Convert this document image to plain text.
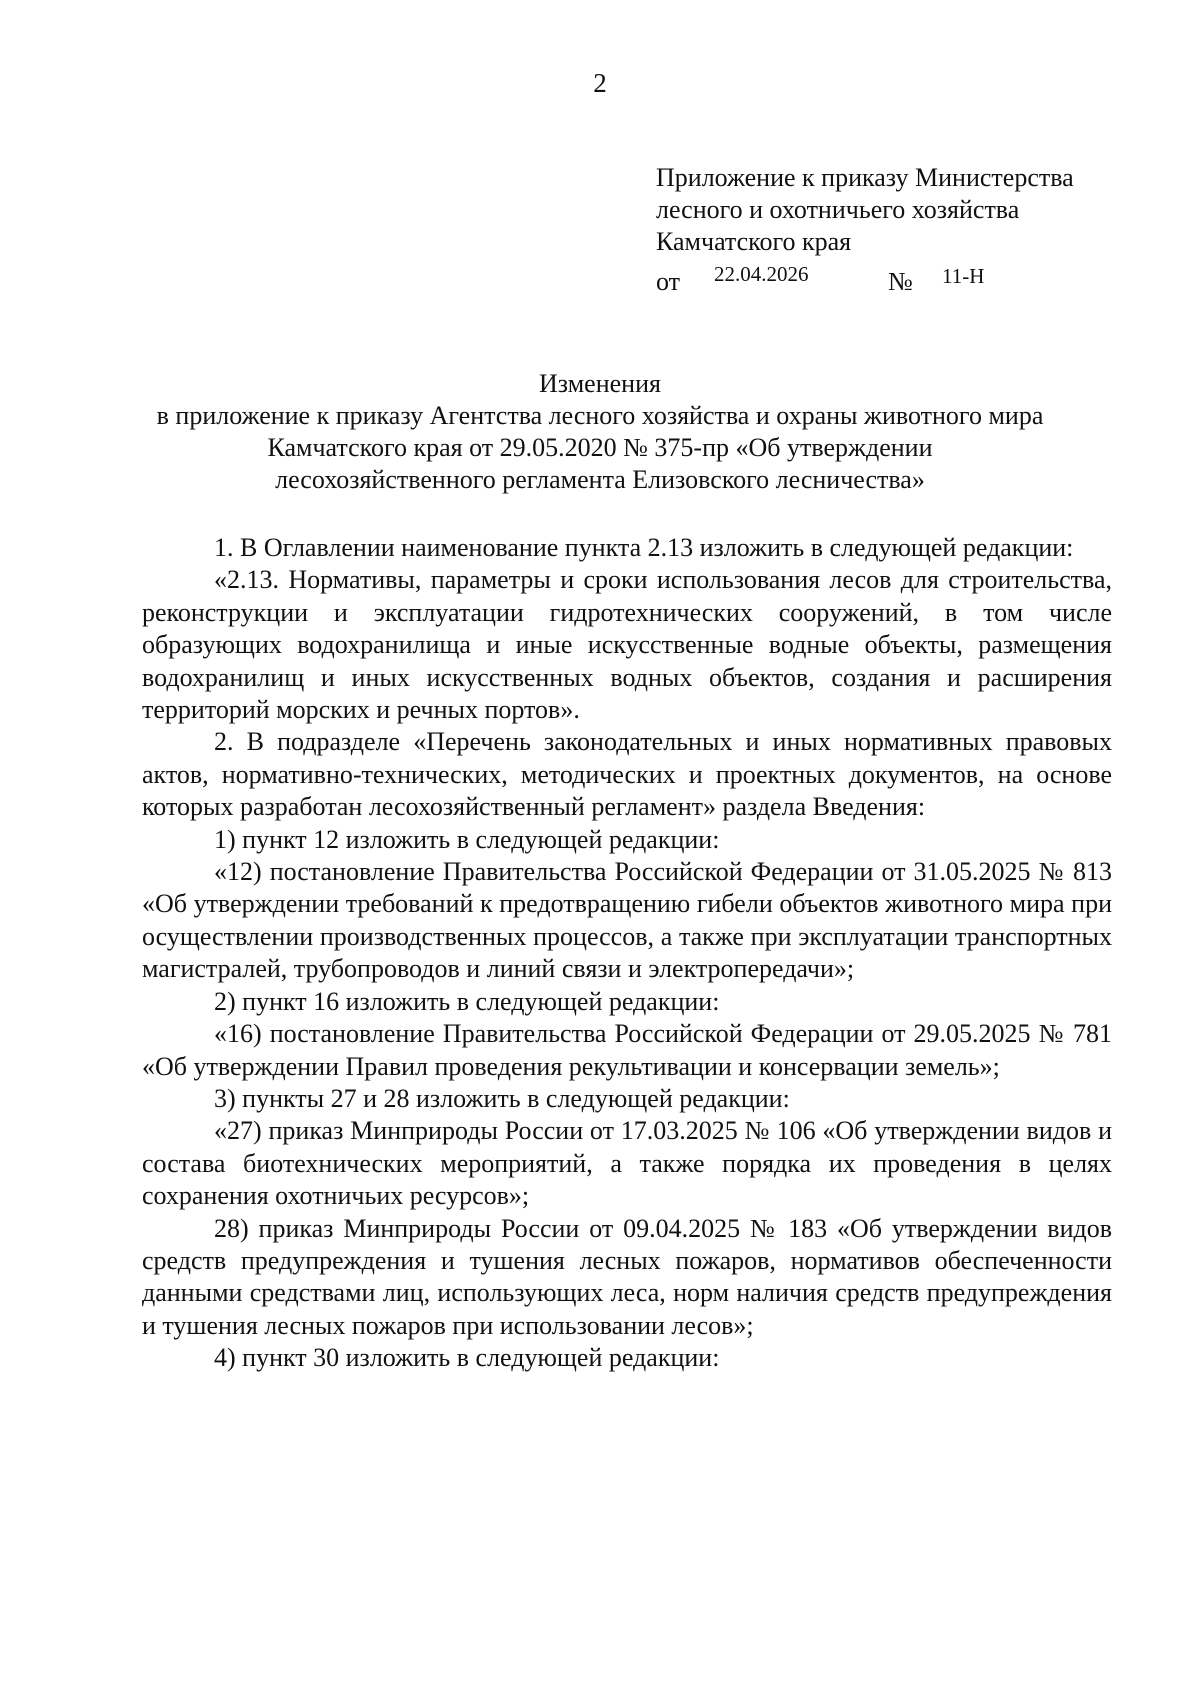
2
Приложение к приказу Министерства
лесного и охотничьего хозяйства
Камчатского края
от 22.04.2026	№ 11-Н
Изменения
в приложение к приказу Агентства лесного хозяйства и охраны животного мира
Камчатского края от 29.05.2020 № 375-пр «Об утверждении
лесохозяйственного регламента Елизовского лесничества»

1. В Оглавлении наименование пункта 2.13 изложить в следующей редакции:

«2.13. Нормативы, параметры и сроки использования лесов для строительства, реконструкции и эксплуатации гидротехнических сооружений, в том числе образующих водохранилища и иные искусственные водные объекты, размещения водохранилищ и иных искусственных водных объектов, создания и расширения территорий морских и речных портов».

2. В подразделе «Перечень законодательных и иных нормативных правовых актов, нормативно-технических, методических и проектных документов, на основе которых разработан лесохозяйственный регламент» раздела Введения:

1) пункт 12 изложить в следующей редакции:

«12) постановление Правительства Российской Федерации от 31.05.2025 № 813 «Об утверждении требований к предотвращению гибели объектов животного мира при осуществлении производственных процессов, а также при эксплуатации транспортных магистралей, трубопроводов и линий связи и электропередачи»;

2) пункт 16 изложить в следующей редакции:

«16) постановление Правительства Российской Федерации от 29.05.2025 № 781 «Об утверждении Правил проведения рекультивации и консервации земель»;

3) пункты 27 и 28 изложить в следующей редакции:

«27) приказ Минприроды России от 17.03.2025 № 106 «Об утверждении видов и состава биотехнических мероприятий, а также порядка их проведения в целях сохранения охотничьих ресурсов»;

28) приказ Минприроды России от 09.04.2025 № 183 «Об утверждении видов средств предупреждения и тушения лесных пожаров, нормативов обеспеченности данными средствами лиц, использующих леса, норм наличия средств предупреждения и тушения лесных пожаров при использовании лесов»;

4) пункт 30 изложить в следующей редакции:
